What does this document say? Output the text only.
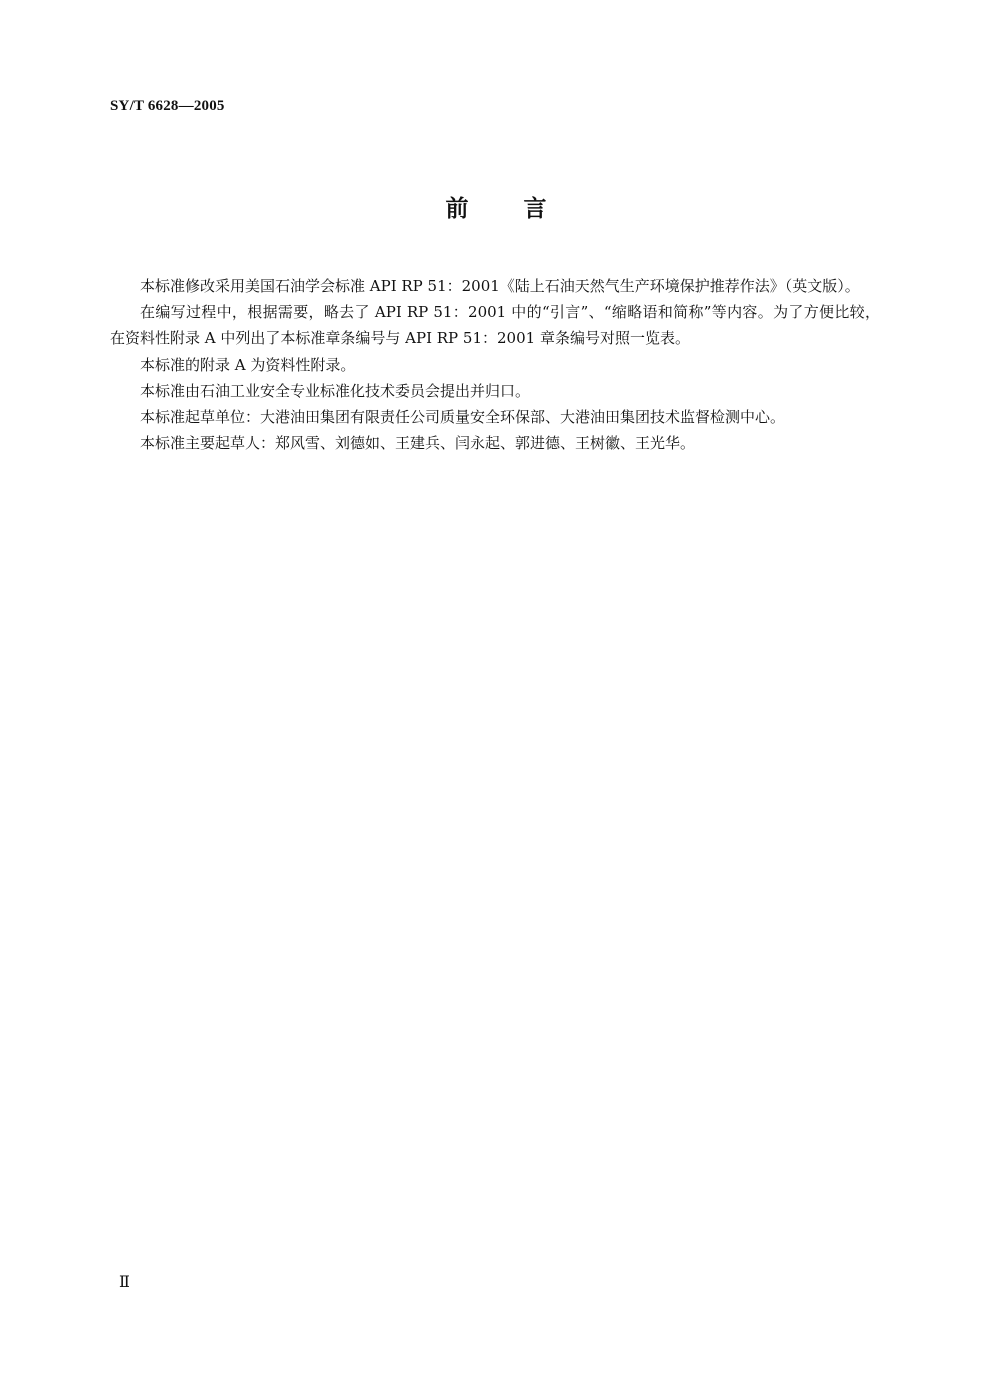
SY/T 6628—2005
前言

本标准修改采用美国石油学会标准 API RP 51：2001《陆上石油天然气生产环境保护推荐作法》（英文版）。

在编写过程中，根据需要，略去了 API RP 51：2001 中的“引言”、“缩略语和简称”等内容。为了方便比较，在资料性附录 A 中列出了本标准章条编号与 API RP 51：2001 章条编号对照一览表。

本标准的附录 A 为资料性附录。

本标准由石油工业安全专业标准化技术委员会提出并归口。

本标准起草单位：大港油田集团有限责任公司质量安全环保部、大港油田集团技术监督检测中心。

本标准主要起草人：郑风雪、刘德如、王建兵、闫永起、郭进德、王树徽、王光华。

Ⅱ
